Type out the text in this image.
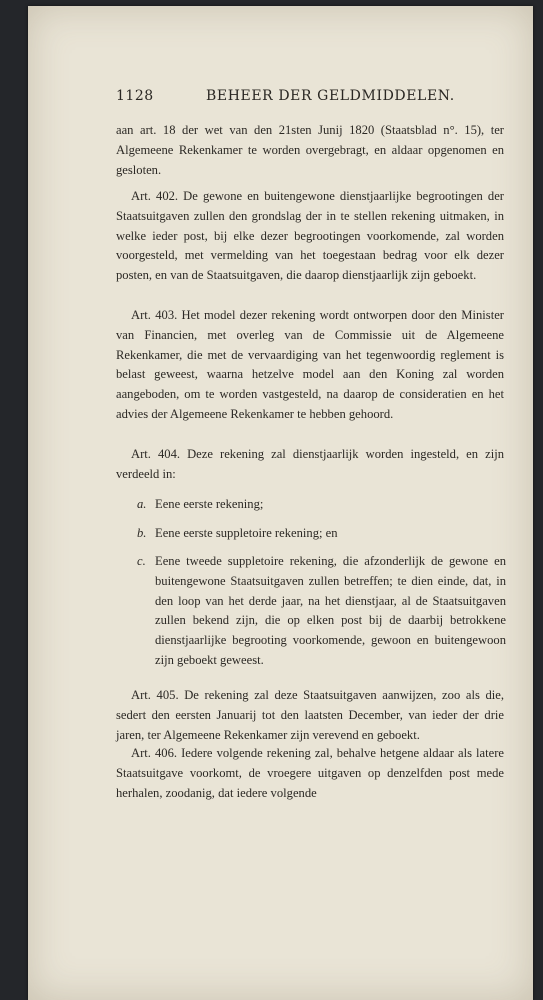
1128	BEHEER DER GELDMIDDELEN.

aan art. 18 der wet van den 21sten Junij 1820 (Staatsblad n°. 15), ter Algemeene Rekenkamer te worden overgebragt, en aldaar opgenomen en gesloten.

Art. 402. De gewone en buitengewone dienstjaarlijke begrootingen der Staatsuitgaven zullen den grondslag der in te stellen rekening uitmaken, in welke ieder post, bij elke dezer begrootingen voorkomende, zal worden voorgesteld, met vermelding van het toegestaan bedrag voor elk dezer posten, en van de Staatsuitgaven, die daarop dienstjaarlijk zijn geboekt.

Art. 403. Het model dezer rekening wordt ontworpen door den Minister van Financien, met overleg van de Commissie uit de Algemeene Rekenkamer, die met de vervaardiging van het tegenwoordig reglement is belast geweest, waarna hetzelve model aan den Koning zal worden aangeboden, om te worden vastgesteld, na daarop de consideratien en het advies der Algemeene Rekenkamer te hebben gehoord.

Art. 404. Deze rekening zal dienstjaarlijk worden ingesteld, en zijn verdeeld in:

a. Eene eerste rekening;
b. Eene eerste suppletoire rekening; en
c. Eene tweede suppletoire rekening, die afzonderlijk de gewone en buitengewone Staatsuitgaven zullen betreffen; te dien einde, dat, in den loop van het derde jaar, na het dienstjaar, al de Staatsuitgaven zullen bekend zijn, die op elken post bij de daarbij betrokkene dienstjaarlijke begrooting voorkomende, gewoon en buitengewoon zijn geboekt geweest.

Art. 405. De rekening zal deze Staatsuitgaven aanwijzen, zoo als die, sedert den eersten Januarij tot den laatsten December, van ieder der drie jaren, ter Algemeene Rekenkamer zijn verevend en geboekt.

Art. 406. Iedere volgende rekening zal, behalve hetgene aldaar als latere Staatsuitgave voorkomt, de vroegere uitgaven op denzelfden post mede herhalen, zoodanig, dat iedere volgende
